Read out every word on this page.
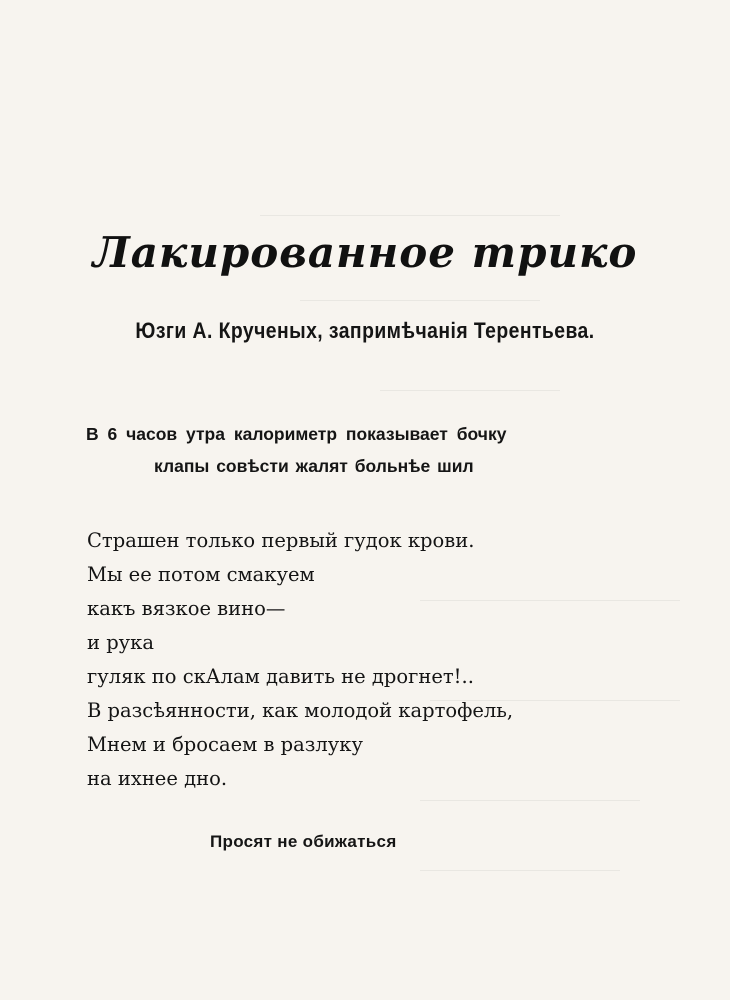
Лакированное трико
Юзги А. Крученых, запримѣчанія Терентьева.
В 6 часов утра калориметр показывает бочку
клапы совѣсти жалят больнѣе шил
Страшен только первый гудок крови.
Мы ее потом смакуем
какъ вязкое вино—
и рука
гуляк по скАлам давить не дрогнет!..
В разсѣянности, как молодой картофель,
Мнем и бросаем в разлуку
на ихнее дно.
Просят не обижаться
